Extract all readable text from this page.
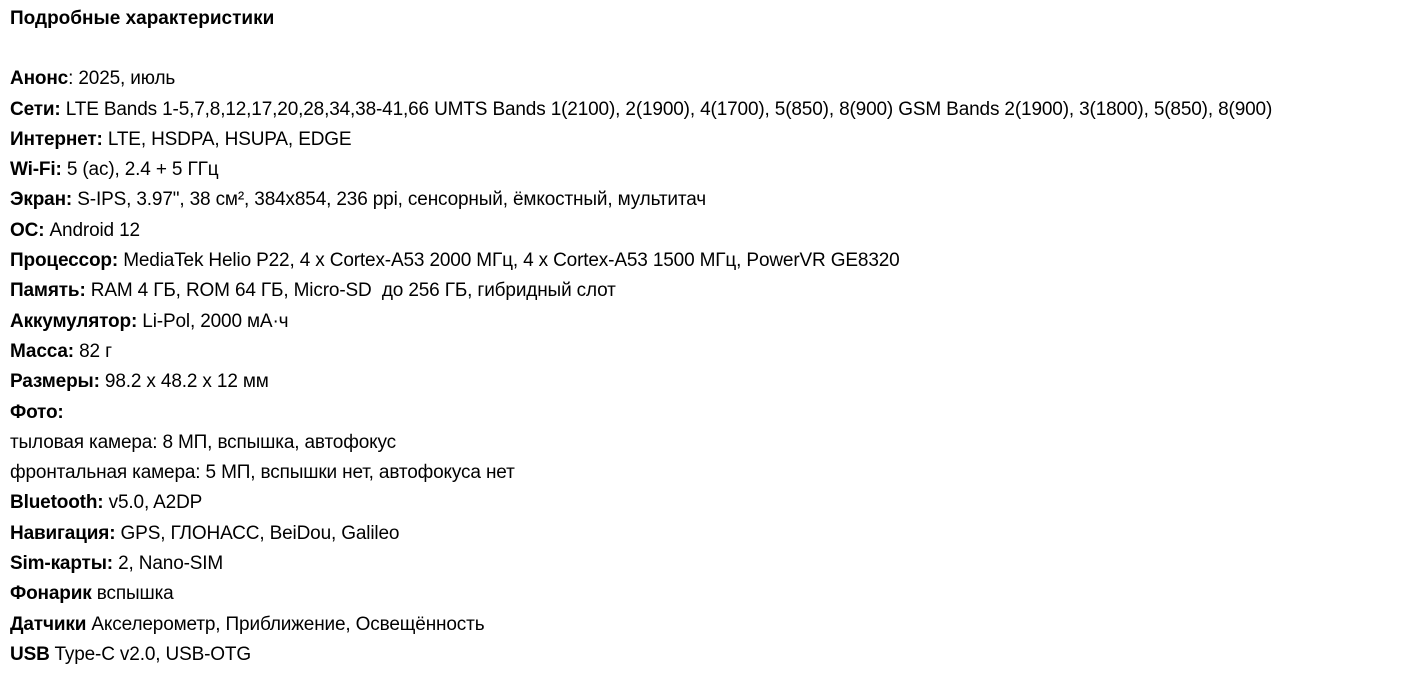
Подробные характеристики
Анонс: 2025, июль
Сети: LTE Bands 1-5,7,8,12,17,20,28,34,38-41,66 UMTS Bands 1(2100), 2(1900), 4(1700), 5(850), 8(900) GSM Bands 2(1900), 3(1800), 5(850), 8(900)
Интернет: LTE, HSDPA, HSUPA, EDGE
Wi-Fi: 5 (ac), 2.4 + 5 ГГц
Экран: S-IPS, 3.97", 38 см², 384x854, 236 ppi, сенсорный, ёмкостный, мультитач
ОС: Android 12
Процессор: MediaTek Helio P22, 4 x Cortex-A53 2000 МГц, 4 x Cortex-A53 1500 МГц, PowerVR GE8320
Память: RAM 4 ГБ, ROM 64 ГБ, Micro-SD  до 256 ГБ, гибридный слот
Аккумулятор: Li-Pol, 2000 мА·ч
Масса: 82 г
Размеры: 98.2 x 48.2 x 12 мм
Фото:
тыловая камера: 8 МП, вспышка, автофокус
фронтальная камера: 5 МП, вспышки нет, автофокуса нет
Bluetooth: v5.0, A2DP
Навигация: GPS, ГЛОНАСС, BeiDou, Galileo
Sim-карты: 2, Nano-SIM
Фонарик вспышка
Датчики Акселерометр, Приближение, Освещённость
USB Type-C v2.0, USB-OTG
